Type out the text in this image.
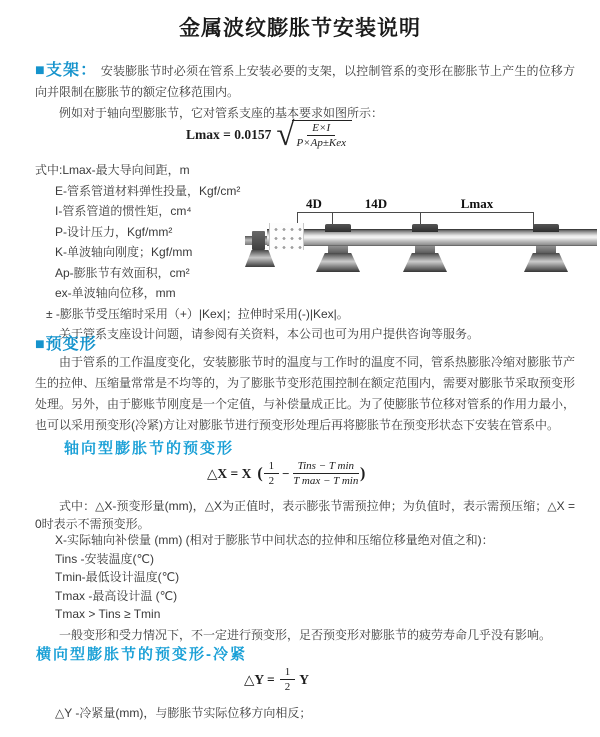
金属波纹膨胀节安装说明
■支架： 安装膨胀节时必须在管系上安装必要的支架，以控制管系的变形在膨胀节上产生的位移方向并限制在膨胀节的额定位移范围内。
例如对于轴向型膨胀节，它对管系支座的基本要求如图所示：
Lmax = 0.0157 √
$\frac{E\times I}{\text{P×Ap±Kex}}$
式中:Lmax-最大导向间距，m
E-管系管道材料弹性投量，Kgf/cm²
I-管系管道的惯性矩，cm⁴
P-设计压力，Kgf/mm²
K-单波轴向刚度；Kgf/mm
Ap-膨胀节有效面积，cm²
ex-单波轴向位移，mm
± -膨胀节受压缩时采用（+）|Kex|；拉伸时采用(-)|Kex|。
关于管系支座设计问题，请参阅有关资料，本公司也可为用户提供咨询等服务。
4D	14D	Lmax
■预变形
由于管系的工作温度变化，安装膨胀节时的温度与工作时的温度不同，管系热膨胀冷缩对膨胀节产生的拉伸、压缩量常常是不均等的，为了膨胀节变形范围控制在额定范围内，需要对膨胀节采取预变形处理。另外，由于膨账节刚度是一个定值，与补偿量成正比。为了使膨胀节位移对管系的作用力最小，也可以采用预变形(冷紧)方让对膨胀节进行预变形处理后再将膨胀节在预变形状态下安装在管系中。
轴向型膨胀节的预变形
△X = X ( $\frac{1}{2} - \frac{\text{Tins − T min}}{\text{T max − T min}}$ )
式中：△X-预变形量(mm)，△X为正值时，表示膨张节需预拉伸；为负值时，表示需预压缩；△X = 0时表示不需预变形。
X-实际轴向补偿量 (mm) (相对于膨胀节中间状态的拉伸和压缩位移量绝对值之和)：
Tins -安装温度(℃)
Tmin-最低设计温度(℃)
Tmax -最高设计温 (℃)
Tmax > Tins ≥ Tmin
一般变形和受力情况下，不一定进行预变形，足否预变形对膨胀节的疲劳寿命几乎没有影响。
横向型膨胀节的预变形-冷紧
△Y = $\frac{1}{2}$ Y
△Y -冷紧量(mm)，与膨胀节实际位移方向相反；
